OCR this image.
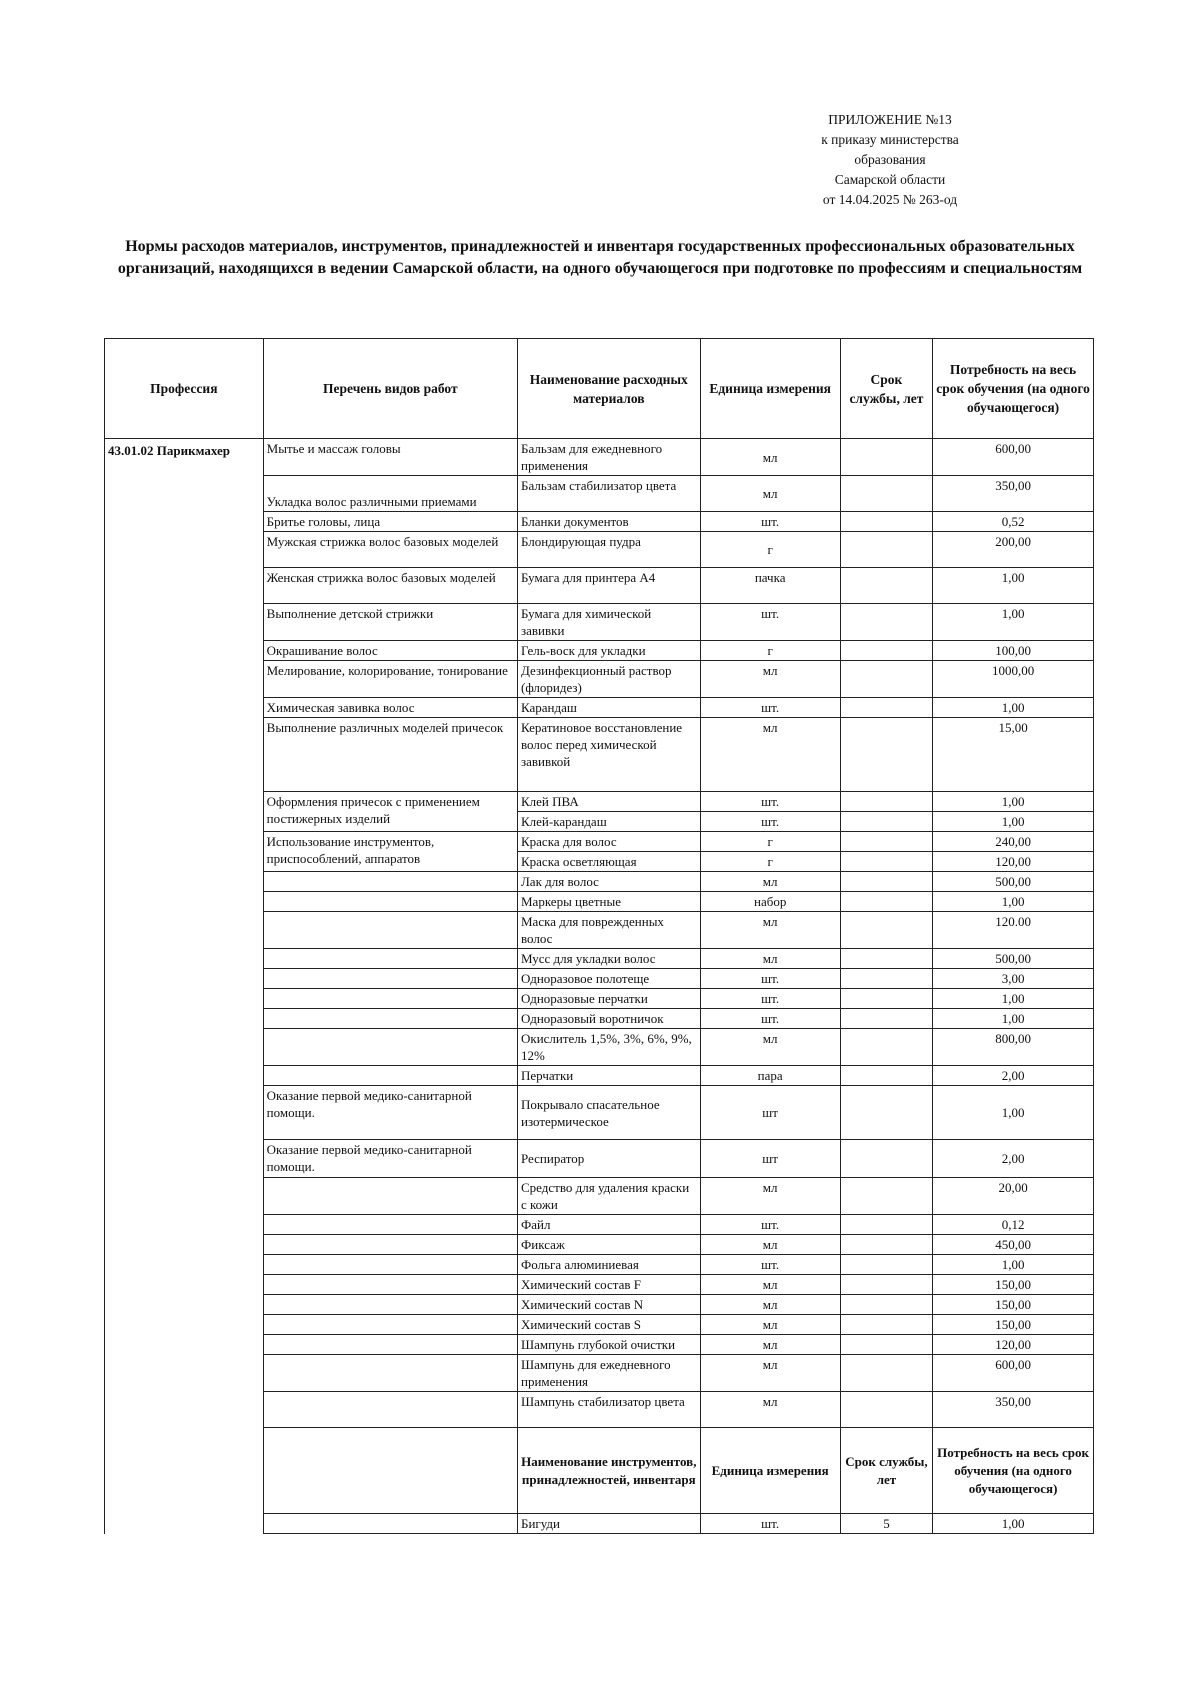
ПРИЛОЖЕНИЕ №13
к приказу министерства
образования
Самарской области
от 14.04.2025 № 263-од
Нормы расходов материалов, инструментов, принадлежностей и инвентаря государственных профессиональных образовательных организаций, находящихся в ведении Самарской области, на одного обучающегося при подготовке по профессиям и специальностям
Профессия	Перечень видов работ	Наименование расходных материалов	Единица измерения	Срок службы, лет	Потребность на весь срок обучения (на одного обучающегося)
43.01.02 Парикмахер	Мытье и массаж головы	Бальзам для ежедневного применения	мл		600,00
	Укладка волос различными приемами	Бальзам стабилизатор цвета	мл		350,00
	Бритье головы, лица	Бланки документов	шт.		0,52
	Мужская стрижка волос базовых моделей	Блондирующая пудра	г		200,00
	Женская стрижка волос базовых моделей	Бумага для принтера А4	пачка		1,00
	Выполнение детской стрижки	Бумага для химической завивки	шт.		1,00
	Окрашивание волос	Гель-воск для укладки	г		100,00
	Мелирование, колорирование, тонирование	Дезинфекционный раствор (флоридез)	мл		1000,00
	Химическая завивка волос	Карандаш	шт.		1,00
	Выполнение различных моделей причесок	Кератиновое восстановление волос перед химической завивкой	мл		15,00
	Оформления причесок с применением постижерных изделий	Клей ПВА	шт.		1,00
		Клей-карандаш	шт.		1,00
	Использование инструментов, приспособлений, аппаратов	Краска для волос	г		240,00
		Краска осветляющая	г		120,00
		Лак для волос	мл		500,00
		Маркеры цветные	набор		1,00
		Маска для поврежденных волос	мл		120.00
		Мусс для укладки волос	мл		500,00
		Одноразовое полотеще	шт.		3,00
		Одноразовые перчатки	шт.		1,00
		Одноразовый воротничок	шт.		1,00
		Окислитель 1,5%, 3%, 6%, 9%, 12%	мл		800,00
		Перчатки	пара		2,00
	Оказание первой медико-санитарной помощи.	Покрывало спасательное изотермическое	шт		1,00
	Оказание первой медико-санитарной помощи.	Респиратор	шт		2,00
		Средство для удаления краски с кожи	мл		20,00
		Файл	шт.		0,12
		Фиксаж	мл		450,00
		Фольга алюминиевая	шт.		1,00
		Химический состав F	мл		150,00
		Химический состав N	мл		150,00
		Химический состав S	мл		150,00
		Шампунь глубокой очистки	мл		120,00
		Шампунь для ежедневного применения	мл		600,00
		Шампунь стабилизатор цвета	мл		350,00
		Наименование инструментов, принадлежностей, инвентаря	Единица измерения	Срок службы, лет	Потребность на весь срок обучения (на одного обучающегося)
		Бигуди	шт.	5	1,00
